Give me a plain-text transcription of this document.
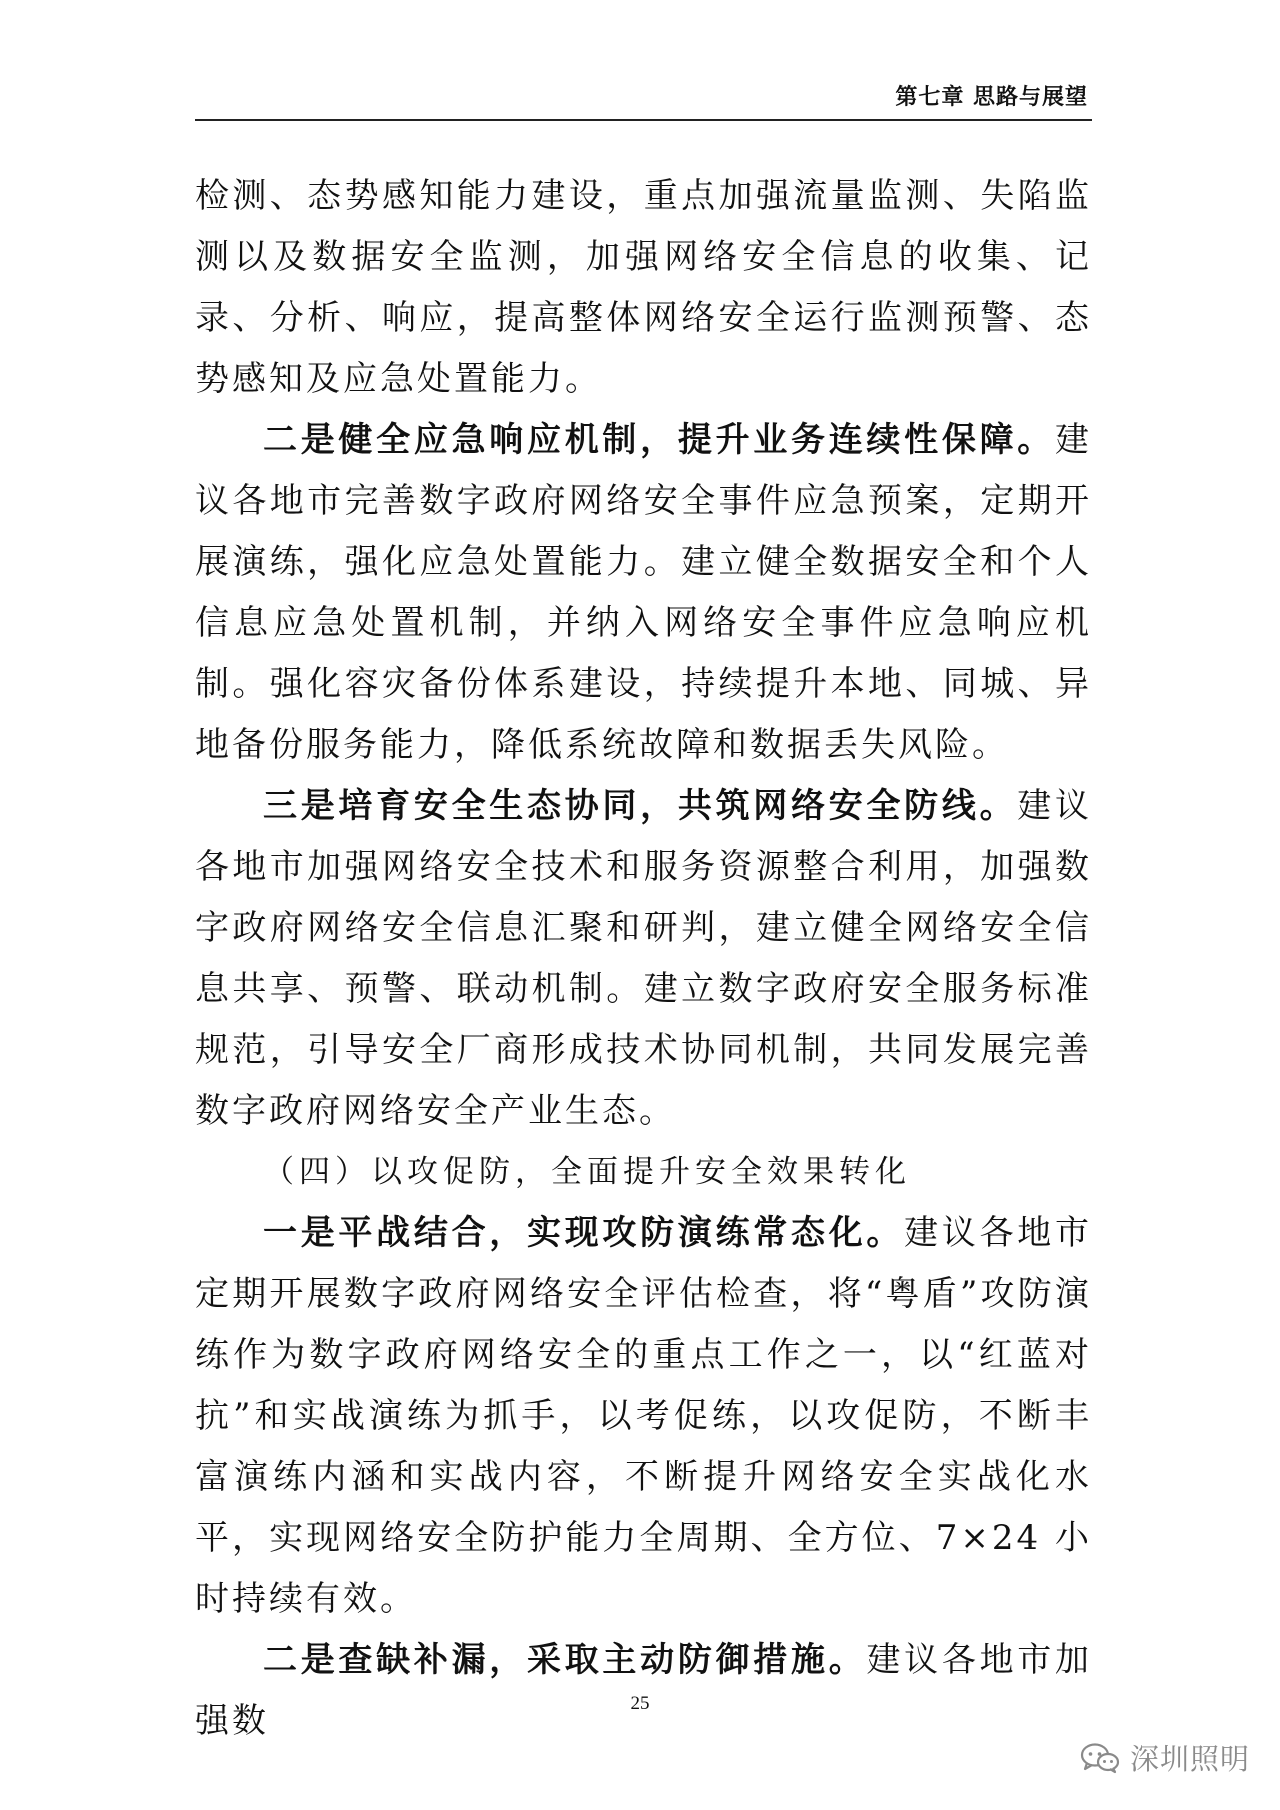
第七章 思路与展望

检测、态势感知能力建设，重点加强流量监测、失陷监测以及数据安全监测，加强网络安全信息的收集、记录、分析、响应，提高整体网络安全运行监测预警、态势感知及应急处置能力。

二是健全应急响应机制，提升业务连续性保障。建议各地市完善数字政府网络安全事件应急预案，定期开展演练，强化应急处置能力。建立健全数据安全和个人信息应急处置机制，并纳入网络安全事件应急响应机制。强化容灾备份体系建设，持续提升本地、同城、异地备份服务能力，降低系统故障和数据丢失风险。

三是培育安全生态协同，共筑网络安全防线。建议各地市加强网络安全技术和服务资源整合利用，加强数字政府网络安全信息汇聚和研判，建立健全网络安全信息共享、预警、联动机制。建立数字政府安全服务标准规范，引导安全厂商形成技术协同机制，共同发展完善数字政府网络安全产业生态。

（四）以攻促防，全面提升安全效果转化

一是平战结合，实现攻防演练常态化。建议各地市定期开展数字政府网络安全评估检查，将“粤盾”攻防演练作为数字政府网络安全的重点工作之一，以“红蓝对抗”和实战演练为抓手，以考促练，以攻促防，不断丰富演练内涵和实战内容，不断提升网络安全实战化水平，实现网络安全防护能力全周期、全方位、7×24 小时持续有效。

二是查缺补漏，采取主动防御措施。建议各地市加强数	25
深圳照明
